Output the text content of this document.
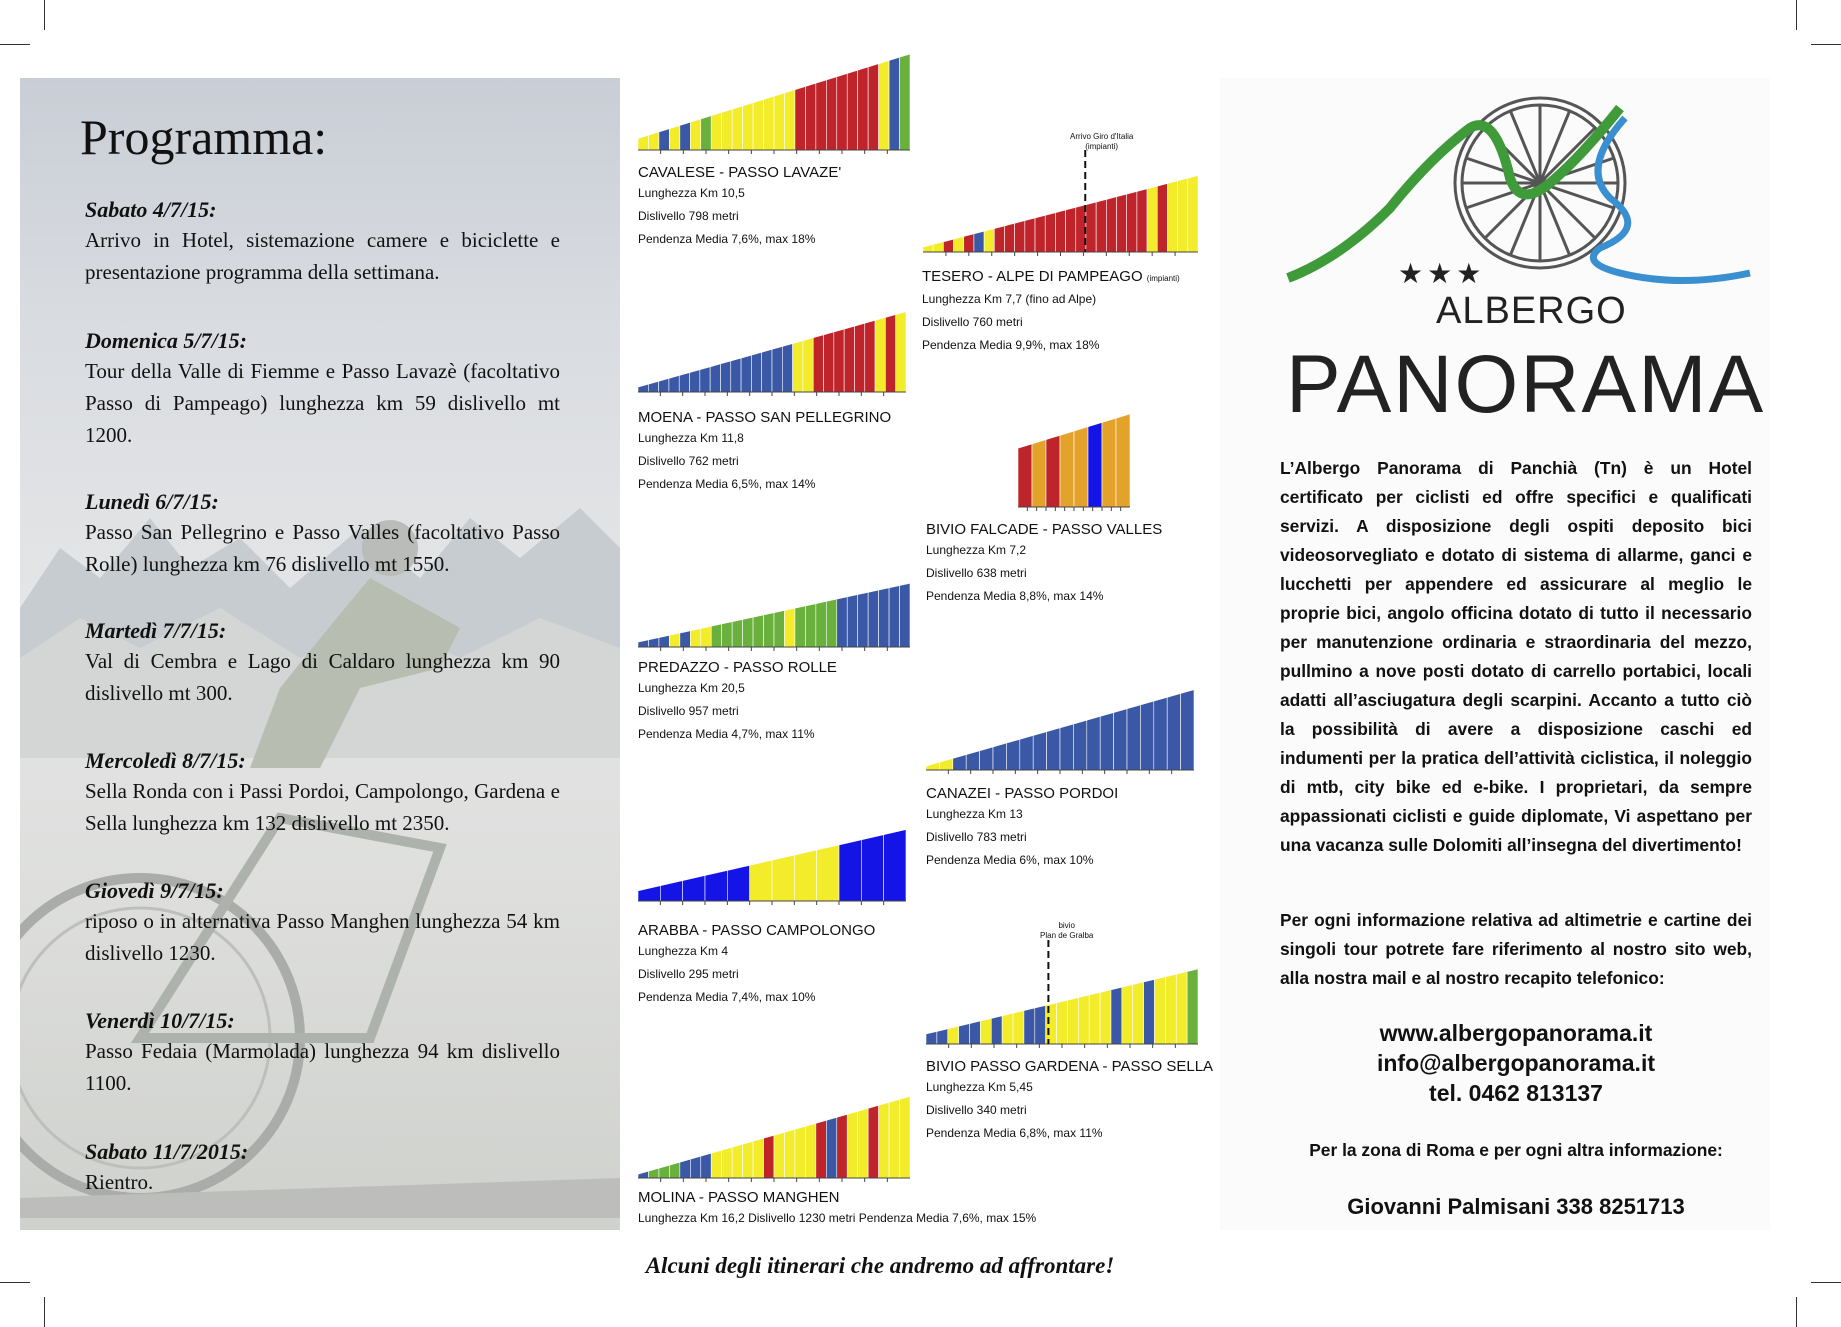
Programma:
Sabato 4/7/15:
Arrivo in Hotel, sistemazione camere e biciclette e presentazione programma della settimana.
Domenica 5/7/15:
Tour della Valle di Fiemme e Passo Lavazè (facoltativo Passo di Pampeago) lunghezza km 59 dislivello mt 1200.
Lunedì 6/7/15:
Passo San Pellegrino e Passo Valles (facoltativo Passo Rolle) lunghezza km 76 dislivello mt 1550.
Martedì 7/7/15:
Val di Cembra e Lago di Caldaro lunghezza km 90 dislivello mt 300.
Mercoledì 8/7/15:
Sella Ronda con i Passi Pordoi, Campolongo, Gardena e Sella lunghezza km 132 dislivello mt 2350.
Giovedì 9/7/15:
riposo o in alternativa Passo Manghen lunghezza 54 km dislivello 1230.
Venerdì 10/7/15:
Passo Fedaia (Marmolada) lunghezza 94 km dislivello 1100.
Sabato 11/7/2015:
Rientro.
CAVALESE - PASSO LAVAZE'
Lunghezza Km 10,5
Dislivello 798 metri
Pendenza Media 7,6%, max 18%
Arrivo Giro d'Italia
(impianti)
TESERO - ALPE DI PAMPEAGO (impianti)
Lunghezza Km 7,7 (fino ad Alpe)
Dislivello 760 metri
Pendenza Media 9,9%, max 18%
MOENA - PASSO SAN PELLEGRINO
Lunghezza Km 11,8
Dislivello 762 metri
Pendenza Media 6,5%, max 14%
BIVIO FALCADE - PASSO VALLES
Lunghezza Km 7,2
Dislivello 638 metri
Pendenza Media 8,8%, max 14%
PREDAZZO - PASSO ROLLE
Lunghezza Km 20,5
Dislivello 957 metri
Pendenza Media 4,7%, max 11%
CANAZEI - PASSO PORDOI
Lunghezza Km 13
Dislivello 783 metri
Pendenza Media 6%, max 10%
ARABBA - PASSO CAMPOLONGO
Lunghezza Km 4
Dislivello 295 metri
Pendenza Media 7,4%, max 10%
bivio
Plan de Gralba
BIVIO PASSO GARDENA - PASSO SELLA
Lunghezza Km 5,45
Dislivello 340 metri
Pendenza Media 6,8%, max 11%
MOLINA - PASSO MANGHEN
Lunghezza Km 16,2 Dislivello 1230 metri Pendenza Media 7,6%, max 15%
Alcuni degli itinerari che andremo ad affrontare!
★★★
ALBERGO
PANORAMA
L’Albergo Panorama di Panchià (Tn) è un Hotel certificato per ciclisti ed offre specifici e qualificati servizi. A disposizione degli ospiti deposito bici videosorvegliato e dotato di sistema di allarme, ganci e lucchetti per appendere ed assicurare al meglio le proprie bici, angolo officina dotato di tutto il necessario per manutenzione ordinaria e straordinaria del mezzo, pullmino a nove posti dotato di carrello portabici, locali adatti all’asciugatura degli scarpini. Accanto a tutto ciò la possibilità di avere a disposizione caschi ed indumenti per la pratica dell’attività ciclistica, il noleggio di mtb, city bike ed e-bike. I proprietari, da sempre appassionati ciclisti e guide diplomate, Vi aspettano per una vacanza sulle Dolomiti all’insegna del divertimento!
Per ogni informazione relativa ad altimetrie e cartine dei singoli tour potrete fare riferimento al nostro sito web, alla nostra mail e al nostro recapito telefonico:
www.albergopanorama.it
info@albergopanorama.it
tel. 0462 813137
Per la zona di Roma e per ogni altra informazione:
Giovanni Palmisani 338 8251713
